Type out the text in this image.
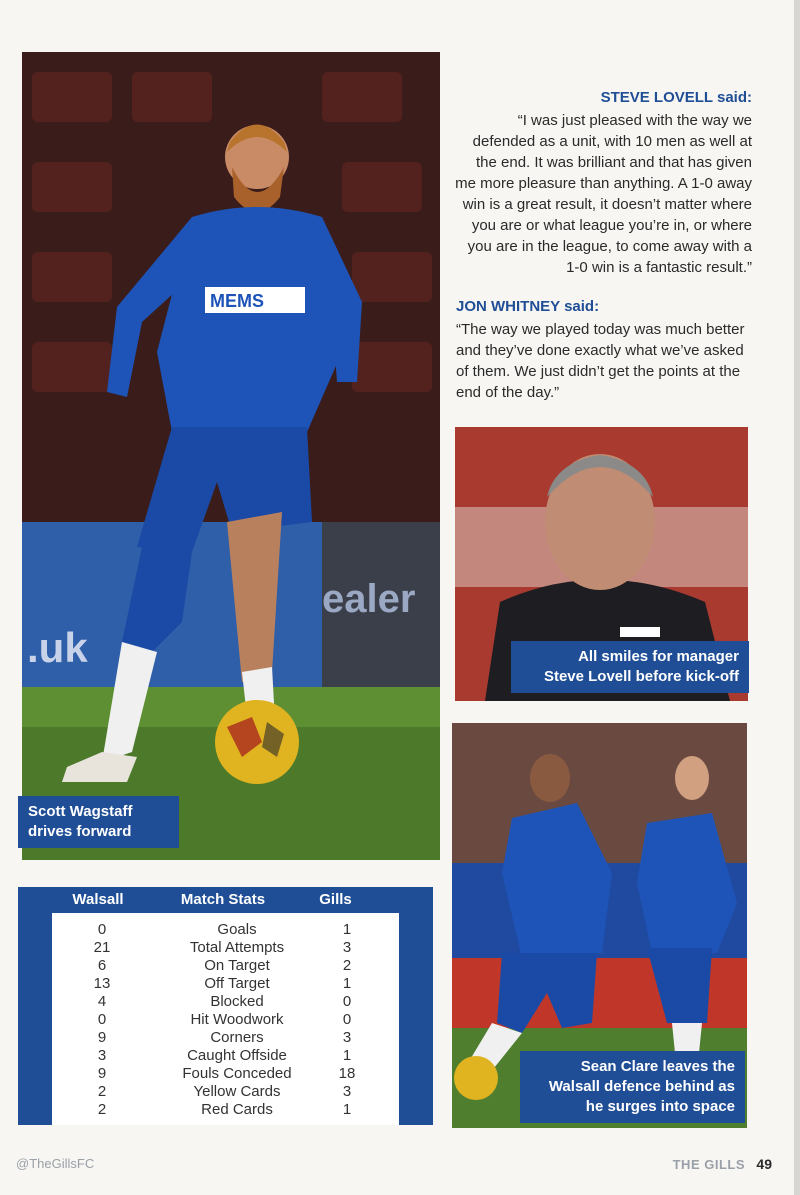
ealer
.uk
MEMS
Scott Wagstaff
drives forward

STEVE LOVELL said:

“I was just pleased with the way we defended as a unit, with 10 men as well at the end. It was brilliant and that has given me more pleasure than anything. A 1-0 away win is a great result, it doesn’t matter where you are or what league you’re in, or where you are in the league, to come away with a 1-0 win is a fantastic result.”

JON WHITNEY said:

“The way we played today was much better and they’ve done exactly what we’ve asked of them. We just didn’t get the points at the end of the day.”

All smiles for manager
Steve Lovell before kick-off
Sean Clare leaves the
Walsall defence behind as
he surges into space
Walsall	Match Stats	Gills
0	Goals	1
21	Total Attempts	3
6	On Target	2
13	Off Target	1
4	Blocked	0
0	Hit Woodwork	0
9	Corners	3
3	Caught Offside	1
9	Fouls Conceded	18
2	Yellow Cards	3
2	Red Cards	1
@TheGillsFC	THE GILLS 49
